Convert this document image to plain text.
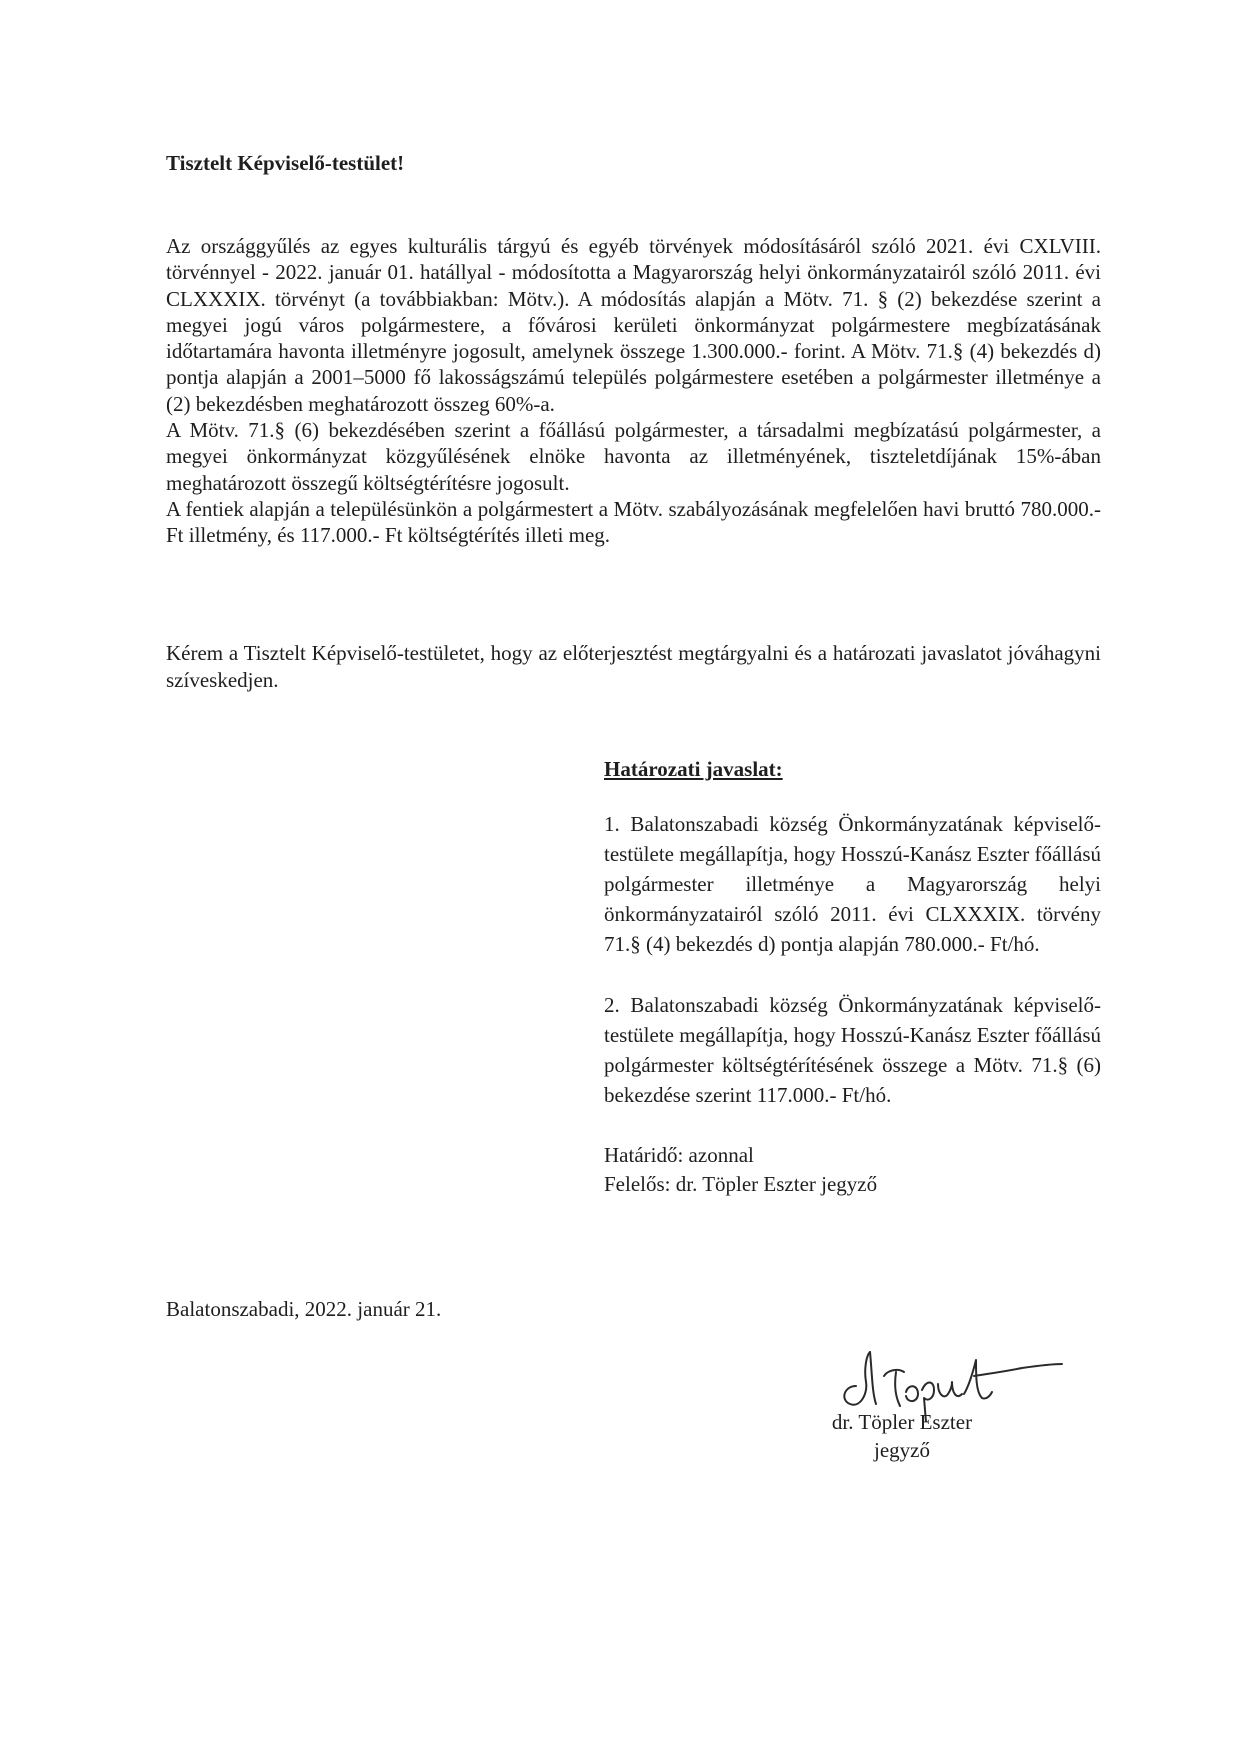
Tisztelt Képviselő-testület!

Az országgyűlés az egyes kulturális tárgyú és egyéb törvények módosításáról szóló 2021. évi CXLVIII. törvénnyel - 2022. január 01. hatállyal - módosította a Magyarország helyi önkormányzatairól szóló 2011. évi CLXXXIX. törvényt (a továbbiakban: Mötv.). A módosítás alapján a Mötv. 71. § (2) bekezdése szerint a megyei jogú város polgármestere, a fővárosi kerületi önkormányzat polgármestere megbízatásának időtartamára havonta illetményre jogosult, amelynek összege 1.300.000.- forint. A Mötv. 71.§ (4) bekezdés d) pontja alapján a 2001–5000 fő lakosságszámú település polgármestere esetében a polgármester illetménye a (2) bekezdésben meghatározott összeg 60%-a.

A Mötv. 71.§ (6) bekezdésében szerint a főállású polgármester, a társadalmi megbízatású polgármester, a megyei önkormányzat közgyűlésének elnöke havonta az illetményének, tiszteletdíjának 15%-ában meghatározott összegű költségtérítésre jogosult.

A fentiek alapján a településünkön a polgármestert a Mötv. szabályozásának megfelelően havi bruttó 780.000.- Ft illetmény, és 117.000.- Ft költségtérítés illeti meg.

Kérem a Tisztelt Képviselő-testületet, hogy az előterjesztést megtárgyalni és a határozati javaslatot jóváhagyni szíveskedjen.

Határozati javaslat:

1. Balatonszabadi község Önkormányzatának képviselő-testülete megállapítja, hogy Hosszú-Kanász Eszter főállású polgármester illetménye a Magyarország helyi önkormányzatairól szóló 2011. évi CLXXXIX. törvény 71.§ (4) bekezdés d) pontja alapján 780.000.- Ft/hó.

2. Balatonszabadi község Önkormányzatának képviselő-testülete megállapítja, hogy Hosszú-Kanász Eszter főállású polgármester költségtérítésének összege a Mötv. 71.§ (6) bekezdése szerint 117.000.- Ft/hó.

Határidő: azonnal

Felelős: dr. Töpler Eszter jegyző

Balatonszabadi, 2022. január 21.

dr. Töpler Eszter
jegyző
